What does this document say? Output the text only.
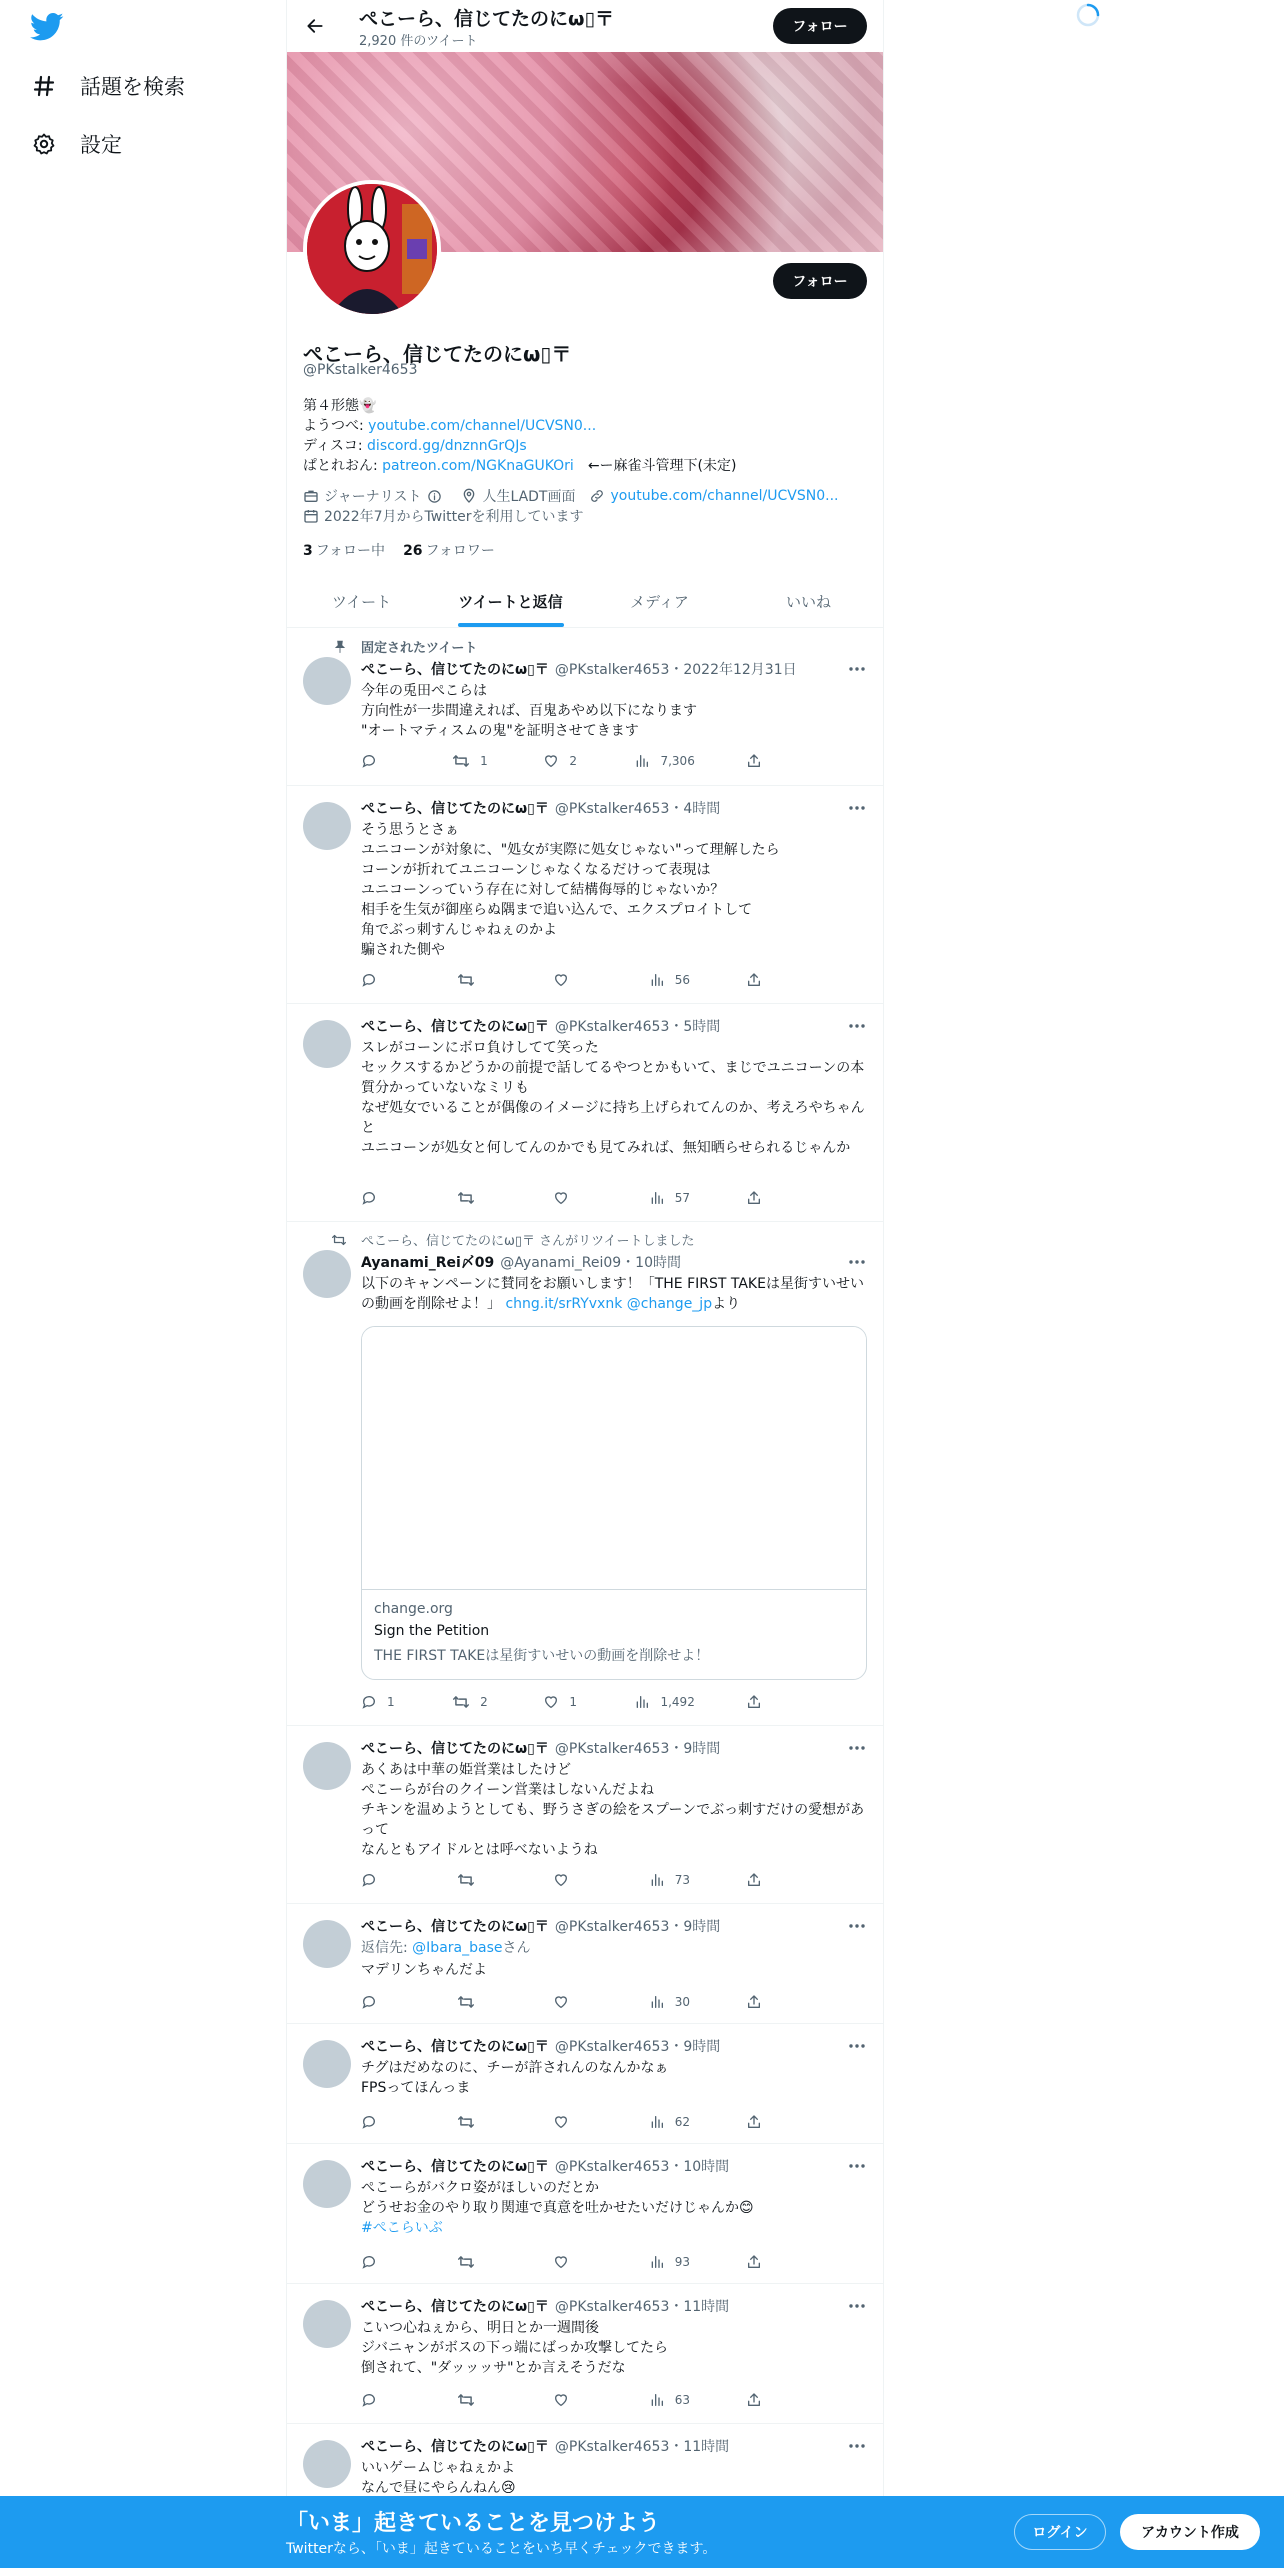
話題を検索
設定
ぺこーら、信じてたのにω▯〒
2,920 件のツイート
フォロー
フォロー
ぺこーら、信じてたのにω▯〒
@PKstalker4653
第４形態👻
ようつべ: youtube.com/channel/UCVSN0...
ディスコ: discord.gg/dnznnGrQJs
ぱとれおん: patreon.com/NGKnaGUKOri ←ー麻雀斗管理下(未定)
ジャーナリスト	人生LADT画面	youtube.com/channel/UCVSN0...
2022年7月からTwitterを利用しています
3 フォロー中 26 フォロワー
ツイート	ツイートと返信	メディア	いいね
固定されたツイート
ぺこーら、信じてたのにω▯〒 @PKstalker4653・2022年12月31日
今年の兎田ぺこらは
方向性が一歩間違えれば、百鬼あやめ以下になります
"オートマティスムの鬼"を証明させてきます
1	2	7,306
ぺこーら、信じてたのにω▯〒 @PKstalker4653・4時間
そう思うとさぁ
ユニコーンが対象に、"処女が実際に処女じゃない"って理解したら
コーンが折れてユニコーンじゃなくなるだけって表現は
ユニコーンっていう存在に対して結構侮辱的じゃないか？
相手を生気が御座らぬ隅まで追い込んで、エクスプロイトして
角でぶっ刺すんじゃねぇのかよ
騙された側や
56
ぺこーら、信じてたのにω▯〒 @PKstalker4653・5時間
スレがコーンにボロ負けしてて笑った
セックスするかどうかの前提で話してるやつとかもいて、まじでユニコーンの本質分かっていないなミリも
なぜ処女でいることが偶像のイメージに持ち上げられてんのか、考えろやちゃんと
ユニコーンが処女と何してんのかでも見てみれば、無知晒らせられるじゃんか
57
ぺこーら、信じてたのにω▯〒 さんがリツイートしました
Ayanami_Rei〆09 @Ayanami_Rei09・10時間
以下のキャンペーンに賛同をお願いします！「THE FIRST TAKEは星街すいせいの動画を削除せよ！」 chng.it/srRYvxnk @change_jpより
change.org
Sign the Petition
THE FIRST TAKEは星街すいせいの動画を削除せよ！
1	2	1	1,492
ぺこーら、信じてたのにω▯〒 @PKstalker4653・9時間
あくあは中華の姫営業はしたけど
ぺこーらが台のクイーン営業はしないんだよね
チキンを温めようとしても、野うさぎの絵をスプーンでぶっ刺すだけの愛想があって
なんともアイドルとは呼べないようね
73
ぺこーら、信じてたのにω▯〒 @PKstalker4653・9時間
返信先: @Ibara_baseさん
マデリンちゃんだよ
30
ぺこーら、信じてたのにω▯〒 @PKstalker4653・9時間
チグはだめなのに、チーが許されんのなんかなぁ
FPSってほんっま
62
ぺこーら、信じてたのにω▯〒 @PKstalker4653・10時間
ぺこーらがバクロ姿がほしいのだとか
どうせお金のやり取り関連で真意を吐かせたいだけじゃんか😊
#ぺこらいぶ
93
ぺこーら、信じてたのにω▯〒 @PKstalker4653・11時間
こいつ心ねぇから、明日とか一週間後
ジバニャンがボスの下っ端にばっか攻撃してたら
倒されて、"ダッッッサ"とか言えそうだな
63
ぺこーら、信じてたのにω▯〒 @PKstalker4653・11時間
いいゲームじゃねぇかよ
なんで昼にやらんねん😢
「いま」起きていることを見つけよう
Twitterなら、「いま」起きていることをいち早くチェックできます。
ログイン	アカウント作成
